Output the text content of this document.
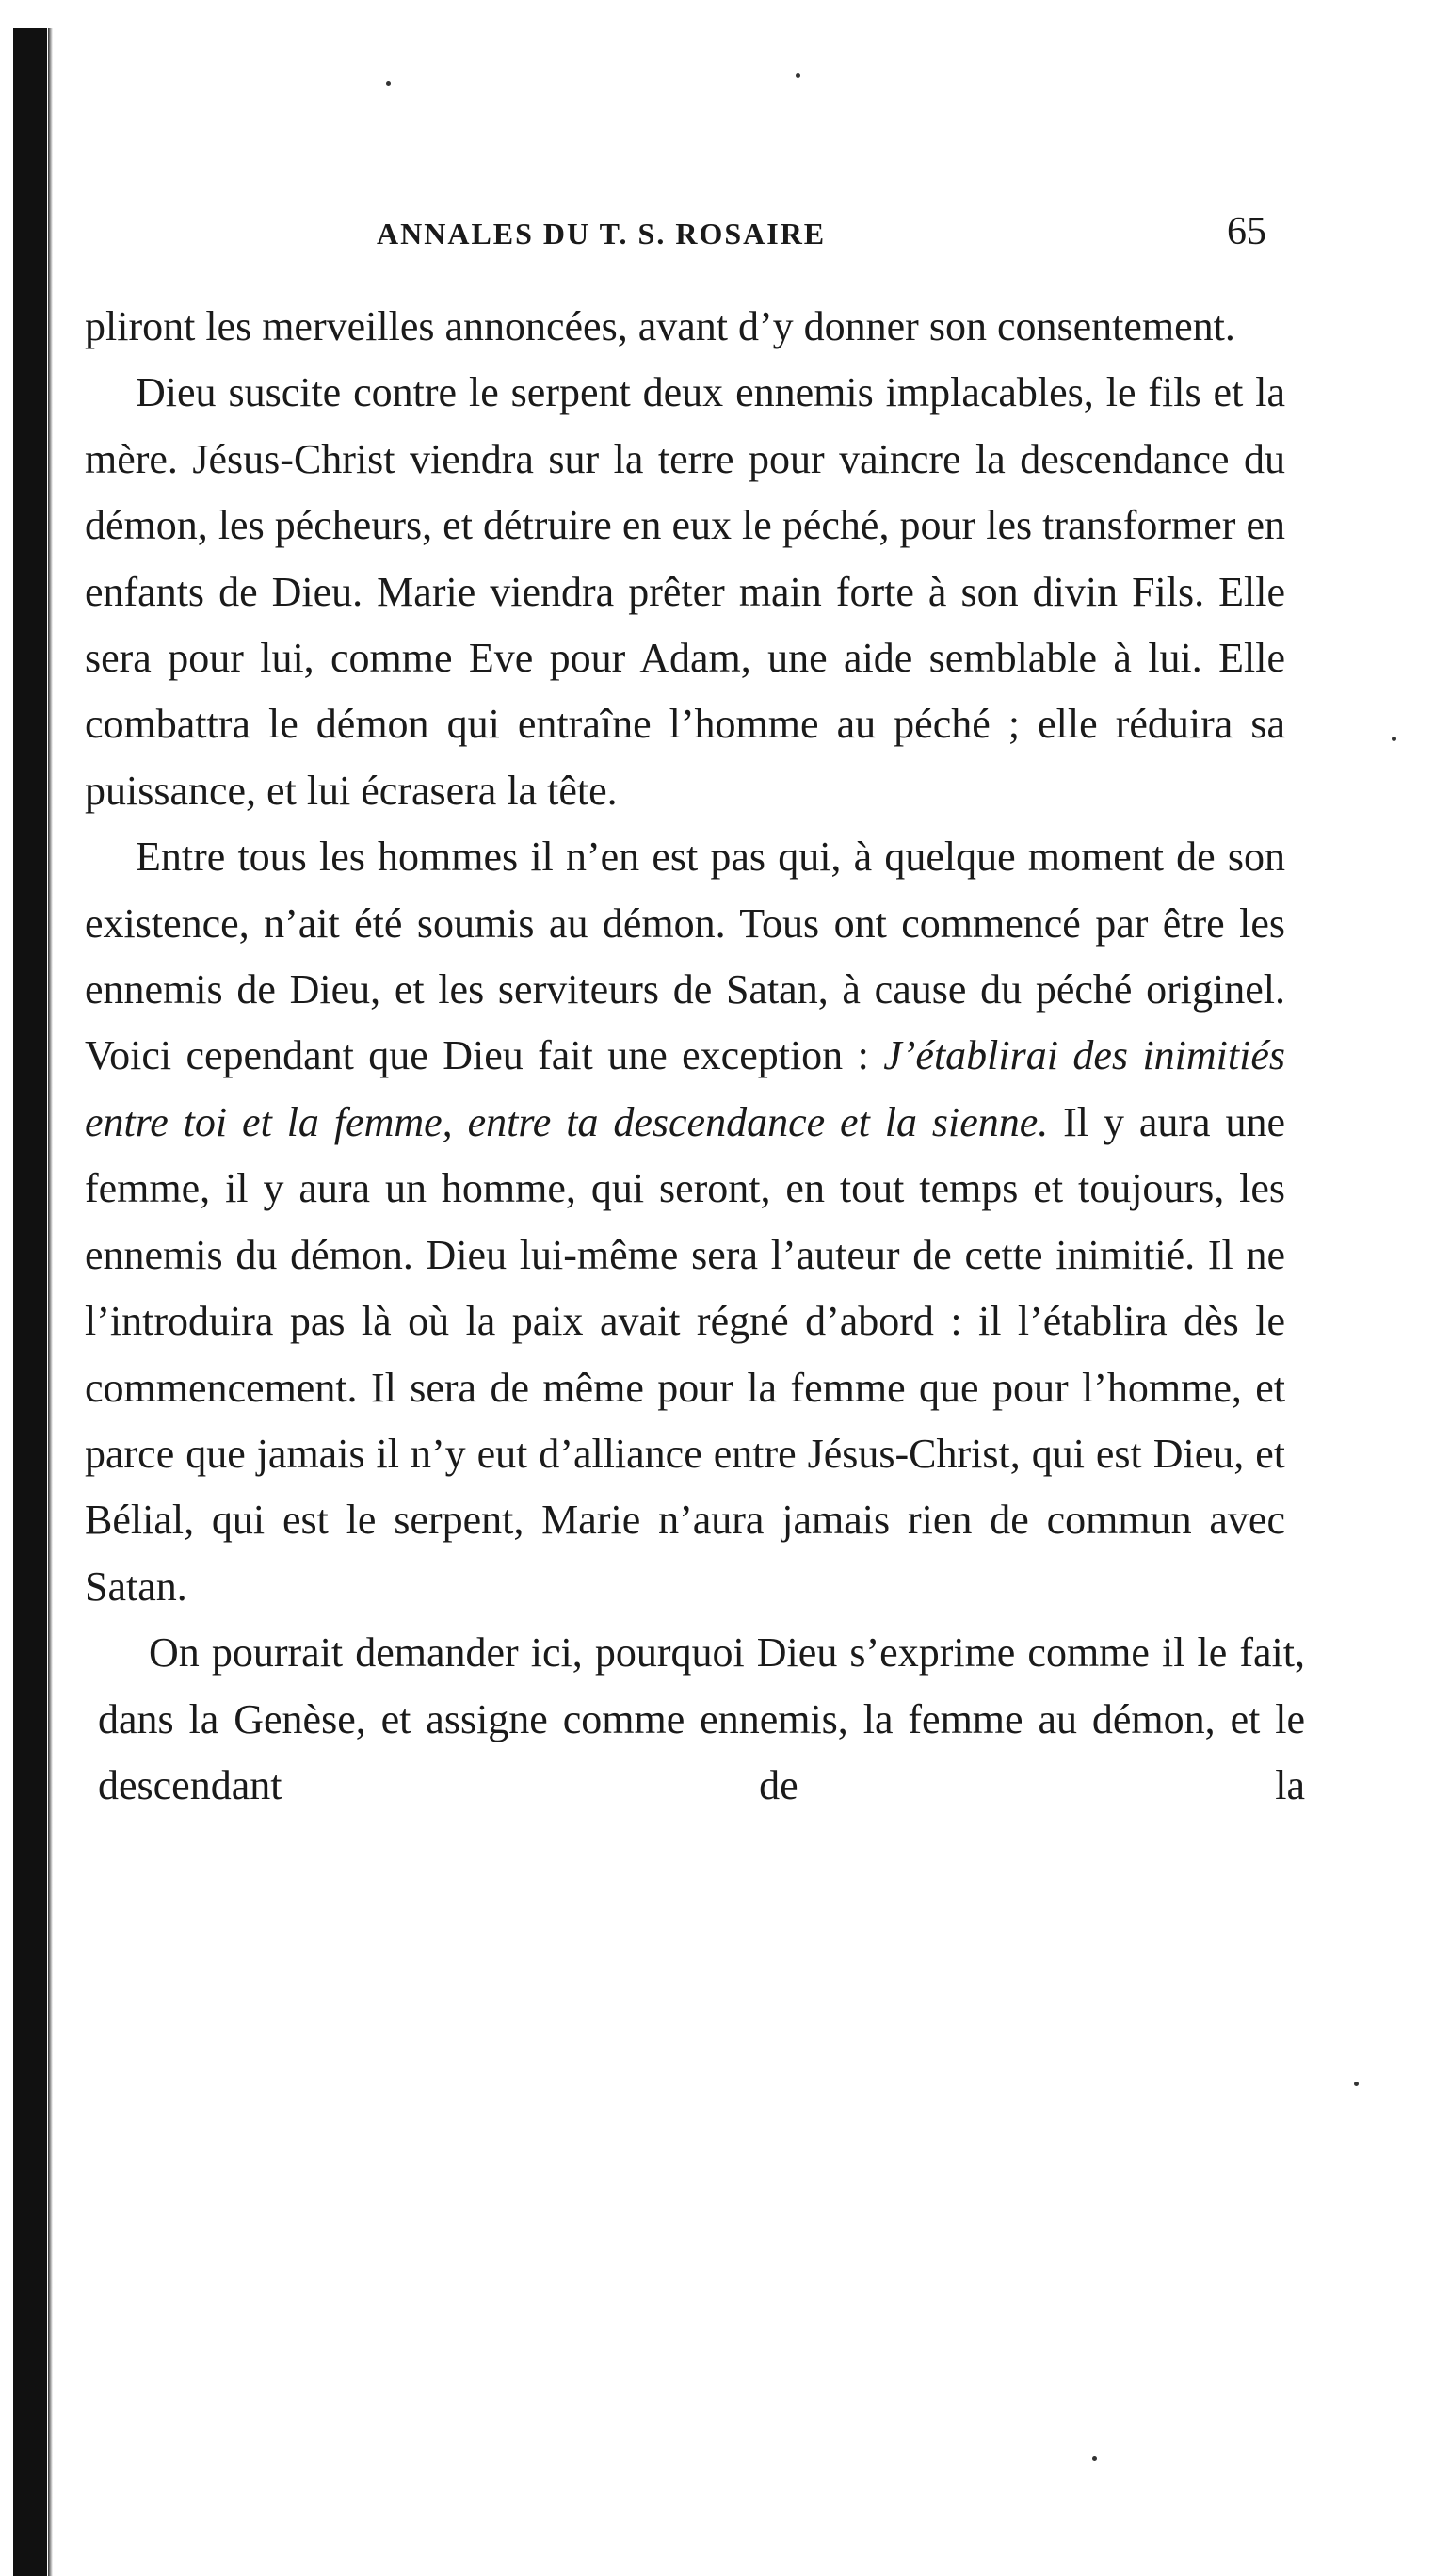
ANNALES DU T. S. ROSAIRE	65

pliront les merveilles annoncées, avant d’y donner son consentement.

Dieu suscite contre le serpent deux ennemis implacables, le fils et la mère. Jésus-Christ viendra sur la terre pour vaincre la descendance du démon, les pécheurs, et détruire en eux le péché, pour les transformer en enfants de Dieu. Marie viendra prêter main forte à son divin Fils. Elle sera pour lui, comme Eve pour Adam, une aide semblable à lui. Elle combattra le démon qui entraîne l’homme au péché ; elle réduira sa puissance, et lui écrasera la tête.

Entre tous les hommes il n’en est pas qui, à quelque moment de son existence, n’ait été soumis au démon. Tous ont commencé par être les ennemis de Dieu, et les serviteurs de Satan, à cause du péché originel. Voici cependant que Dieu fait une exception : J’établirai des inimitiés entre toi et la femme, entre ta descendance et la sienne. Il y aura une femme, il y aura un homme, qui seront, en tout temps et toujours, les ennemis du démon. Dieu lui-même sera l’auteur de cette inimitié. Il ne l’introduira pas là où la paix avait régné d’abord : il l’établira dès le commencement. Il sera de même pour la femme que pour l’homme, et parce que jamais il n’y eut d’alliance entre Jésus-Christ, qui est Dieu, et Bélial, qui est le serpent, Marie n’aura jamais rien de commun avec Satan.

On pourrait demander ici, pourquoi Dieu s’exprime comme il le fait, dans la Genèse, et assigne comme ennemis, la femme au démon, et le descendant de la
